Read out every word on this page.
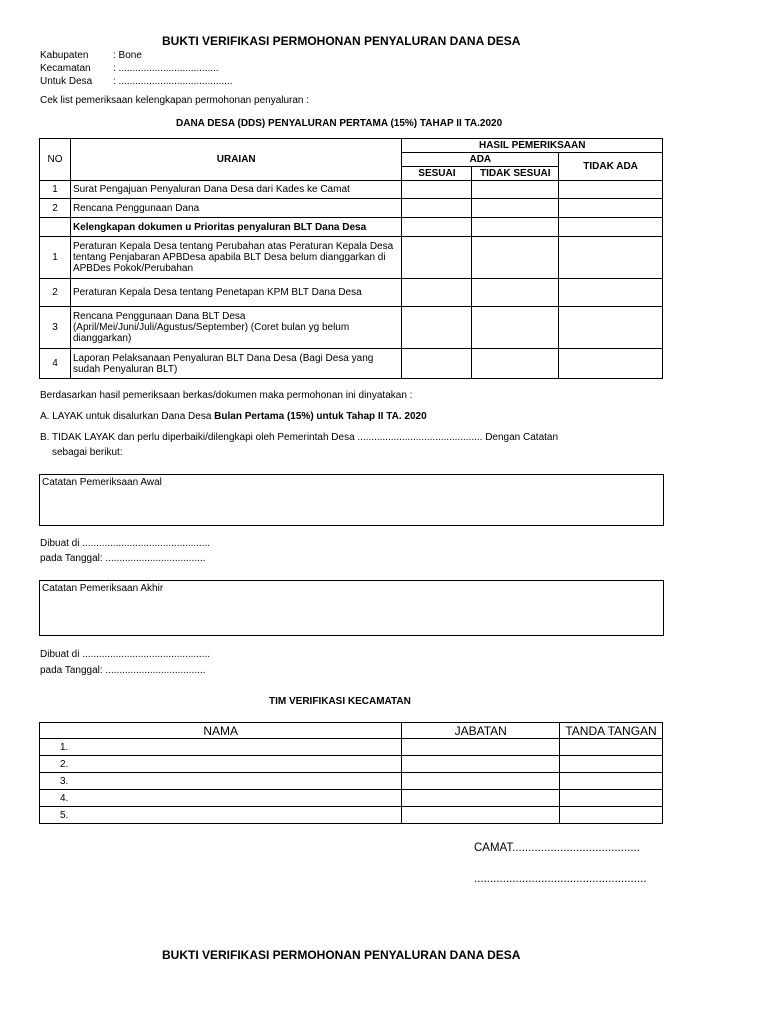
BUKTI VERIFIKASI PERMOHONAN PENYALURAN DANA DESA
Kabupaten : Bone
Kecamatan : ....................................
Untuk Desa : .........................................
Cek list pemeriksaan kelengkapan permohonan penyaluran :
DANA DESA (DDS) PENYALURAN PERTAMA (15%) TAHAP II TA.2020
NO	URAIAN	HASIL PEMERIKSAAN		
		ADA		TIDAK ADA
		SESUAI	TIDAK SESUAI	
1	Surat Pengajuan Penyaluran Dana Desa dari Kades ke Camat			
2	Rencana Penggunaan Dana			
	Kelengkapan dokumen u Prioritas penyaluran BLT Dana Desa			
1	Peraturan Kepala Desa tentang Perubahan atas Peraturan Kepala Desa tentang Penjabaran APBDesa apabila BLT Desa belum dianggarkan di APBDes Pokok/Perubahan			
2	Peraturan Kepala Desa tentang Penetapan KPM BLT Dana Desa			
3	Rencana Penggunaan Dana BLT Desa (April/Mei/Juni/Juli/Agustus/September) (Coret bulan yg belum dianggarkan)			
4	Laporan Pelaksanaan Penyaluran BLT Dana Desa (Bagi Desa yang sudah Penyaluran BLT)			
Berdasarkan hasil pemeriksaan berkas/dokumen maka permohonan ini dinyatakan :
A. LAYAK untuk disalurkan Dana Desa Bulan Pertama (15%) untuk Tahap II TA. 2020
B. TIDAK LAYAK dan perlu diperbaiki/dilengkapi oleh Pemerintah Desa ............................................. Dengan Catatan
sebagai berikut:
Catatan Pemeriksaan Awal
Dibuat di ..............................................
pada Tanggal: ....................................
Catatan Pemeriksaan Akhir
Dibuat di ..............................................
pada Tanggal: ....................................
TIM VERIFIKASI KECAMATAN
NAMA	JABATAN	TANDA TANGAN
1.		
2.		
3.		
4.		
5.		
CAMAT........................................
......................................................
BUKTI VERIFIKASI PERMOHONAN PENYALURAN DANA DESA
